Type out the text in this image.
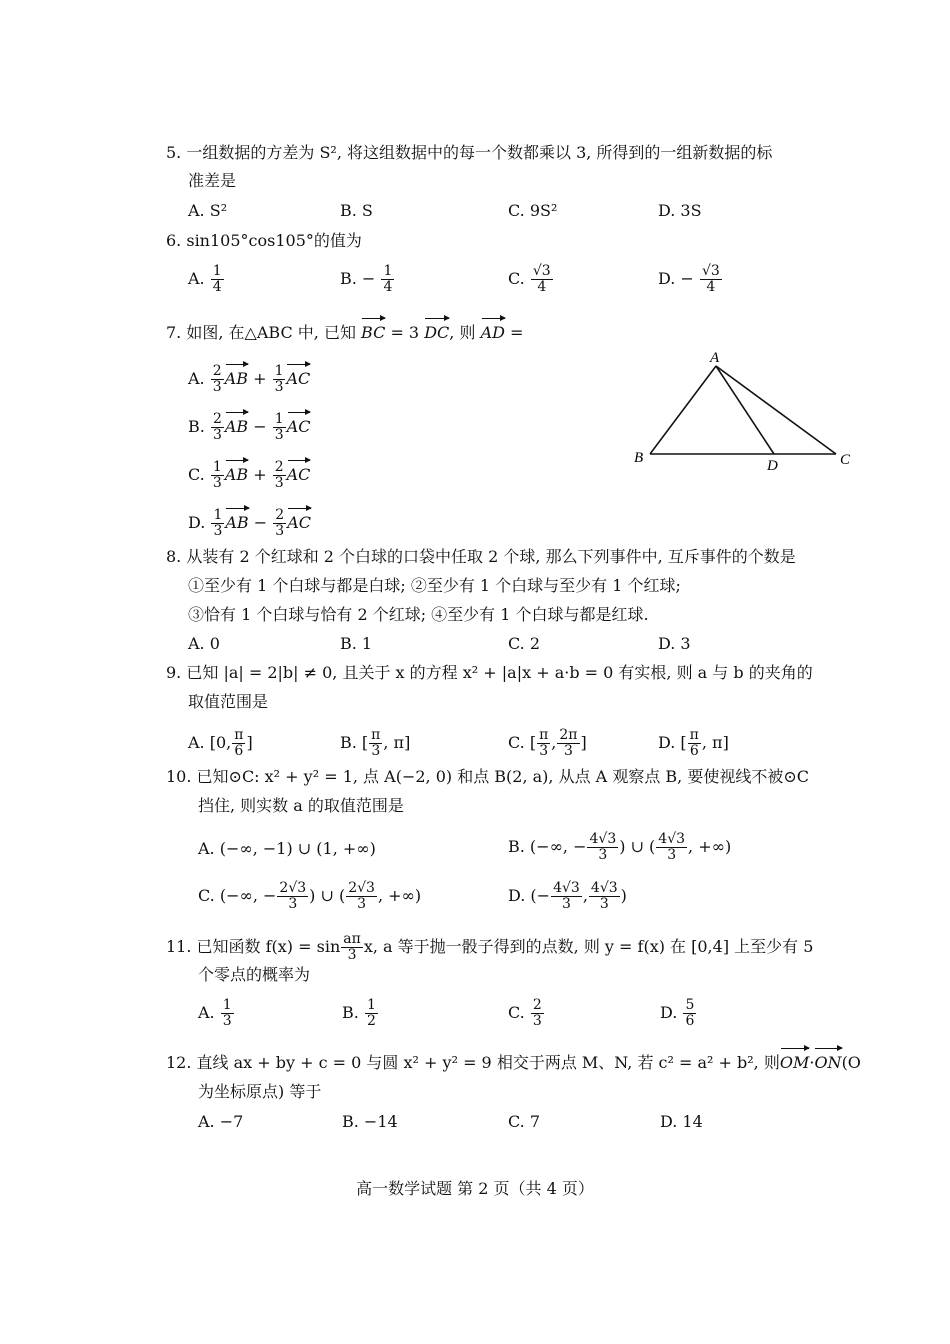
5. 一组数据的方差为 S², 将这组数据中的每一个数都乘以 3, 所得到的一组新数据的标
准差是
A. S²	B. S	C. 9S²	D. 3S
6. sin105°cos105°的值为
A. $\frac{1}{4}$	B. − $\frac{1}{4}$	C. $\frac{√3}{4}$	D. − $\frac{√3}{4}$
7. 如图, 在△ABC 中, 已知 BC = 3 DC, 则 AD =
A. $\frac{2}{3}$ AB + $\frac{1}{3}$ AC
B. $\frac{2}{3}$ AB − $\frac{1}{3}$ AC
C. $\frac{1}{3}$ AB + $\frac{2}{3}$ AC
D. $\frac{1}{3}$ AB − $\frac{2}{3}$ AC
A
B	C
D
8. 从装有 2 个红球和 2 个白球的口袋中任取 2 个球, 那么下列事件中, 互斥事件的个数是
①至少有 1 个白球与都是白球; ②至少有 1 个白球与至少有 1 个红球;
③恰有 1 个白球与恰有 2 个红球; ④至少有 1 个白球与都是红球.
A. 0	B. 1	C. 2	D. 3
9. 已知 |a| = 2|b| ≠ 0, 且关于 x 的方程 x² + |a|x + a·b = 0 有实根, 则 a 与 b 的夹角的
取值范围是
A. [0, $\frac{\pi}{6}$ ]	B. [ $\frac{\pi}{3}$ , π]	C. [ $\frac{\pi}{3}$ , $\frac{2\pi}{3}$ ]	D. [ $\frac{\pi}{6}$ , π]
10. 已知⊙C: x² + y² = 1, 点 A(−2, 0) 和点 B(2, a), 从点 A 观察点 B, 要使视线不被⊙C
挡住, 则实数 a 的取值范围是
A. (−∞, −1) ∪ (1, +∞)	B. (−∞, − $\frac{4√3}{3}$ ) ∪ ( $\frac{4√3}{3}$ , +∞)
C. (−∞, − $\frac{2√3}{3}$ ) ∪ ( $\frac{2√3}{3}$ , +∞)	D. (− $\frac{4√3}{3}$ , $\frac{4√3}{3}$ )
11. 已知函数 $f(x) = \sin \frac{a\pi}{3} x$, a 等于抛一骰子得到的点数, 则 y = f(x) 在 [0,4] 上至少有 5
个零点的概率为
A. $\frac{1}{3}$	B. $\frac{1}{2}$	C. $\frac{2}{3}$	D. $\frac{5}{6}$
12. 直线 ax + by + c = 0 与圆 x² + y² = 9 相交于两点 M、N, 若 c² = a² + b², 则OM·ON(O
为坐标原点) 等于
A. −7	B. −14	C. 7	D. 14
高一数学试题 第 2 页（共 4 页）
